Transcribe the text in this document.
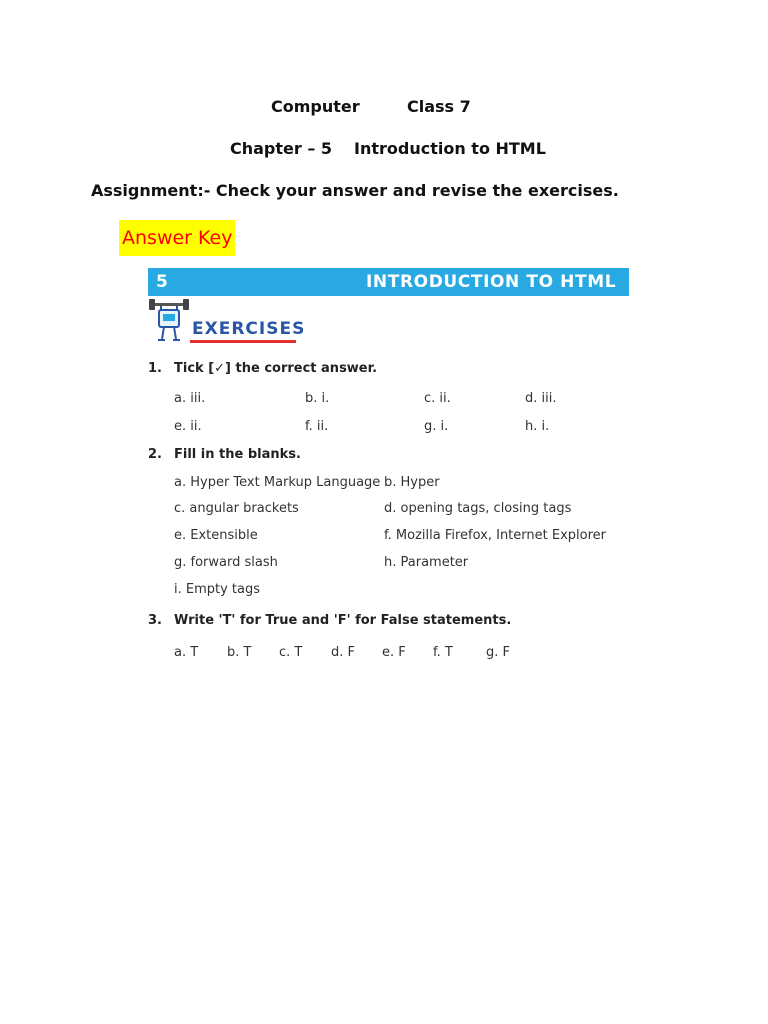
Computer	Class 7
Chapter – 5 Introduction to HTML
Assignment:- Check your answer and revise the exercises.
Answer Key
5	INTRODUCTION TO HTML
EXERCISES
1. Tick [✓] the correct answer.
a. iii.	b. i.	c. ii.	d. iii.
e. ii.	f. ii.	g. i.	h. i.
2. Fill in the blanks.
a. Hyper Text Markup Language b. Hyper
c. angular brackets	d. opening tags, closing tags
e. Extensible	f. Mozilla Firefox, Internet Explorer
g. forward slash	h. Parameter
i. Empty tags
3. Write 'T' for True and 'F' for False statements.
a. T b. T c. T d. F e. F f. T	g. F
